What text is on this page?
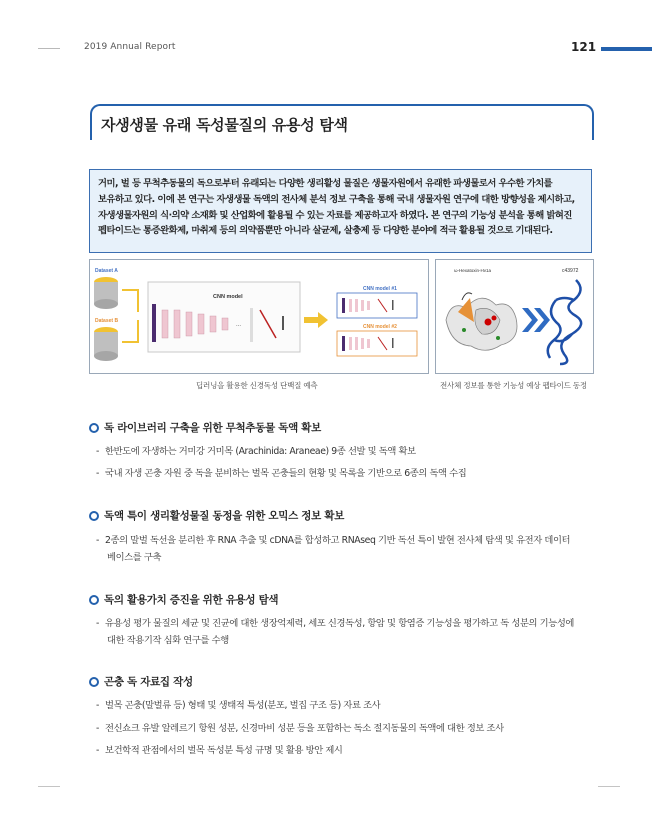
2019 Annual Report	121
자생생물 유래 독성물질의 유용성 탐색
거미, 벌 등 무척추동물의 독으로부터 유래되는 다양한 생리활성 물질은 생물자원에서 유래한 파생물로서 우수한 가치를
보유하고 있다. 이에 본 연구는 자생생물 독액의 전사체 분석 정보 구축을 통해 국내 생물자원 연구에 대한 방향성을 제시하고,
자생생물자원의 식·의약 소재화 및 산업화에 활용될 수 있는 자료를 제공하고자 하였다. 본 연구의 기능성 분석을 통해 밝혀진
펩타이드는 통증완화제, 마취제 등의 의약품뿐만 아니라 살균제, 살충제 등 다양한 분야에 적극 활용될 것으로 기대된다.
Dataset A
Dataset B
CNN model
...
CNN model #1
CNN model #2
딥러닝을 활용한 신경독성 단백질 예측
ω-Hexatoxin-Hv1a	c43972
전사체 정보를 통한 기능성 예상 펩타이드 동정
독 라이브러리 구축을 위한 무척추동물 독액 확보
- 한반도에 자생하는 거미강 거미목 (Arachinida: Araneae) 9종 선발 및 독액 확보
- 국내 자생 곤충 자원 중 독을 분비하는 벌목 곤충들의 현황 및 목록을 기반으로 6종의 독액 수집
독액 특이 생리활성물질 동정을 위한 오믹스 정보 확보
- 2종의 말벌 독선을 분리한 후 RNA 추출 및 cDNA를 합성하고 RNAseq 기반 독선 특이 발현 전사체 탐색 및 유전자 데이터
베이스를 구축
독의 활용가치 증진을 위한 유용성 탐색
- 유용성 평가 물질의 세균 및 진균에 대한 생장억제력, 세포 신경독성, 항암 및 항염증 기능성을 평가하고 독 성분의 기능성에
대한 작용기작 심화 연구를 수행
곤충 독 자료집 작성
- 벌목 곤충(말벌류 등) 형태 및 생태적 특성(분포, 벌집 구조 등) 자료 조사
- 전신쇼크 유발 알레르기 항원 성분, 신경마비 성분 등을 포함하는 독소 절지동물의 독액에 대한 정보 조사
- 보건학적 관점에서의 벌목 독성분 특성 규명 및 활용 방안 제시
